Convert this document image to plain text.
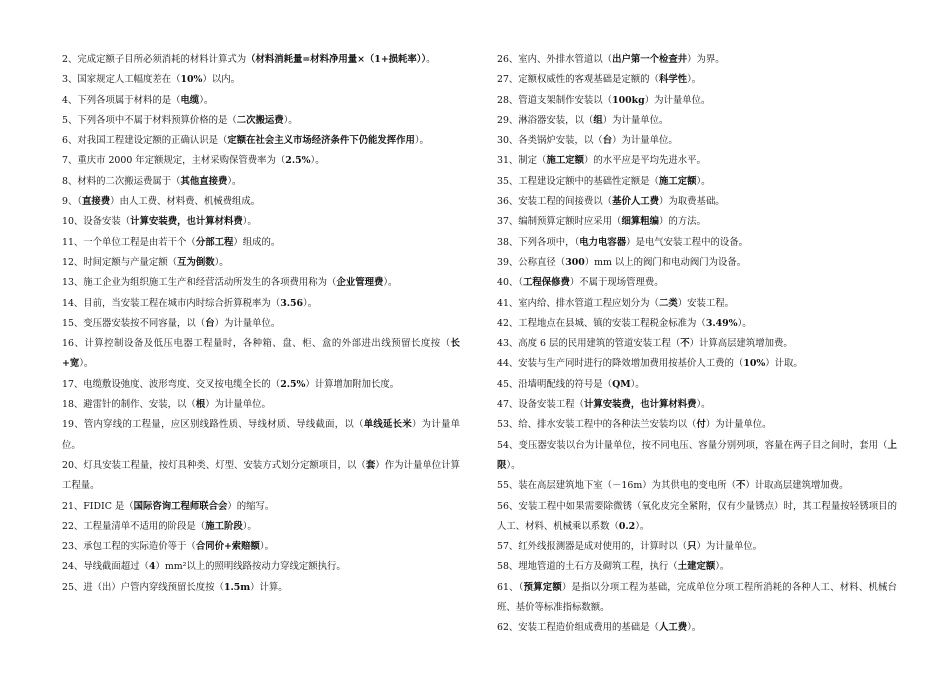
2、完成定额子目所必须消耗的材料计算式为（材料消耗量=材料净用量×（1+损耗率））。
3、国家规定人工幅度差在（10%）以内。
4、下列各项属于材料的是（电缆）。
5、下列各项中不属于材料预算价格的是（二次搬运费）。
6、对我国工程建设定额的正确认识是（定额在社会主义市场经济条件下仍能发挥作用）。
7、重庆市 2000 年定额规定，主材采购保管费率为（2.5%）。
8、材料的二次搬运费属于（其他直接费）。
9、（直接费）由人工费、材料费、机械费组成。
10、设备安装（计算安装费，也计算材料费）。
11、一个单位工程是由若干个（分部工程）组成的。
12、时间定额与产量定额（互为倒数）。
13、施工企业为组织施工生产和经营活动所发生的各项费用称为（企业管理费）。
14、目前，当安装工程在城市内时综合折算税率为（3.56）。
15、变压器安装按不同容量，以（台）为计量单位。
16、计算控制设备及低压电器工程量时，各种箱、盘、柜、盒的外部进出线预留长度按（长+宽）。
17、电缆敷设弛度、波形弯度、交叉按电缆全长的（2.5%）计算增加附加长度。
18、避雷针的制作、安装，以（根）为计量单位。
19、管内穿线的工程量，应区别线路性质、导线材质、导线截面，以（单线延长米）为计量单位。
20、灯具安装工程量，按灯具种类、灯型、安装方式划分定额项目，以（套）作为计量单位计算工程量。
21、FIDIC 是（国际咨询工程师联合会）的缩写。
22、工程量清单不适用的阶段是（施工阶段）。
23、承包工程的实际造价等于（合同价+索赔额）。
24、导线截面超过（4）mm²以上的照明线路按动力穿线定额执行。
25、进（出）户管内穿线预留长度按（1.5m）计算。
26、室内、外排水管道以（出户第一个检查井）为界。
27、定额权威性的客观基础是定额的（科学性）。
28、管道支架制作安装以（100kg）为计量单位。
29、淋浴器安装，以（组）为计量单位。
30、各类锅炉安装，以（台）为计量单位。
31、制定（施工定额）的水平应是平均先进水平。
35、工程建设定额中的基础性定额是（施工定额）。
36、安装工程的间接费以（基价人工费）为取费基础。
37、编制预算定额时应采用（细算粗编）的方法。
38、下列各项中，（电力电容器）是电气安装工程中的设备。
39、公称直径（300）mm 以上的阀门和电动阀门为设备。
40、（工程保修费）不属于现场管理费。
41、室内给、排水管道工程应划分为（二类）安装工程。
42、工程地点在县城、镇的安装工程税金标准为（3.49%）。
43、高度 6 层的民用建筑的管道安装工程（不）计算高层建筑增加费。
44、安装与生产同时进行的降效增加费用按基价人工费的（10%）计取。
45、沿墙明配线的符号是（QM）。
47、设备安装工程（计算安装费，也计算材料费）。
53、给、排水安装工程中的各种法兰安装均以（付）为计量单位。
54、变压器安装以台为计量单位，按不同电压、容量分别列项，容量在两子目之间时，套用（上限）。
55、装在高层建筑地下室（－16m）为其供电的变电所（不）计取高层建筑增加费。
56、安装工程中如果需要除微锈（氧化皮完全紧附，仅有少量锈点）时，其工程量按轻锈项目的人工、材料、机械乘以系数（0.2）。
57、红外线报测器是成对使用的，计算时以（只）为计量单位。
58、埋地管道的土石方及砌筑工程，执行（土建定额）。
61、（预算定额）是指以分项工程为基础，完成单位分项工程所消耗的各种人工、材料、机械台班、基价等标准指标数额。
62、安装工程造价组成费用的基础是（人工费）。
